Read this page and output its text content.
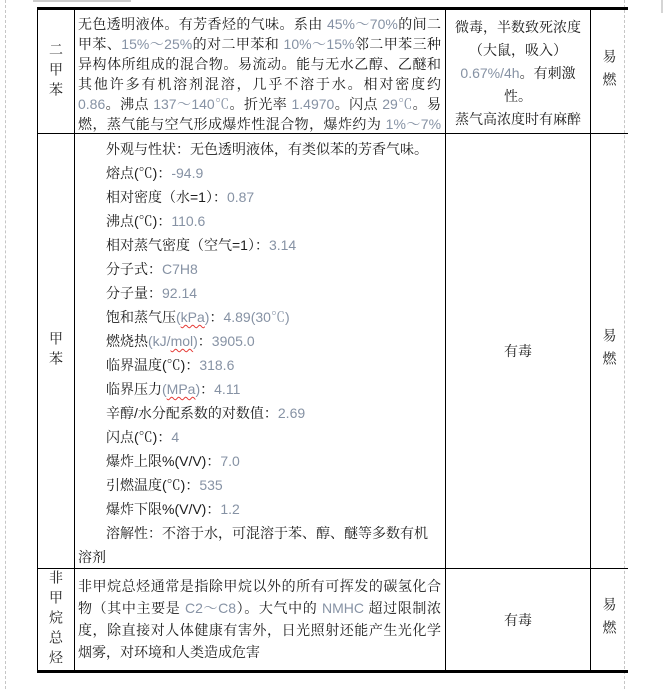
二甲苯

无色透明液体。有芳香烃的气味。系由 45%～70%的间二甲苯、15%～25%的对二甲苯和 10%～15%邻二甲苯三种异构体所组成的混合物。易流动。能与无水乙醇、乙醚和其他许多有机溶剂混溶，几乎不溶于水。相对密度约 0.86。沸点 137～140℃。折光率 1.4970。闪点 29℃。易燃，蒸气能与空气形成爆炸性混合物，爆炸约为 1%～7%

微毒，半数致死浓度
（大鼠，吸入）
0.67%/4h。有刺激性。
蒸气高浓度时有麻醉

易燃
甲苯

外观与性状：无色透明液体，有类似苯的芳香气味。

熔点(℃)：-94.9

相对密度（水=1）：0.87

沸点(℃)：110.6

相对蒸气密度（空气=1）：3.14

分子式：C7H8

分子量：92.14

饱和蒸气压(kPa)：4.89(30℃)

燃烧热(kJ/mol)：3905.0

临界温度(℃)：318.6

临界压力(MPa)：4.11

辛醇/水分配系数的对数值：2.69

闪点(℃)：4

爆炸上限%(V/V)：7.0

引燃温度(℃)：535

爆炸下限%(V/V)：1.2

溶解性：不溶于水，可混溶于苯、醇、醚等多数有机溶剂

有毒	易燃
非甲烷总烃 非甲烷总烃通常是指除甲烷以外的所有可挥发的碳氢化合物（其中主要是 C2～C8）。大气中的 NMHC 超过限制浓度，除直接对人体健康有害外，日光照射还能产生光化学烟雾，对环境和人类造成危害

有毒	易燃
